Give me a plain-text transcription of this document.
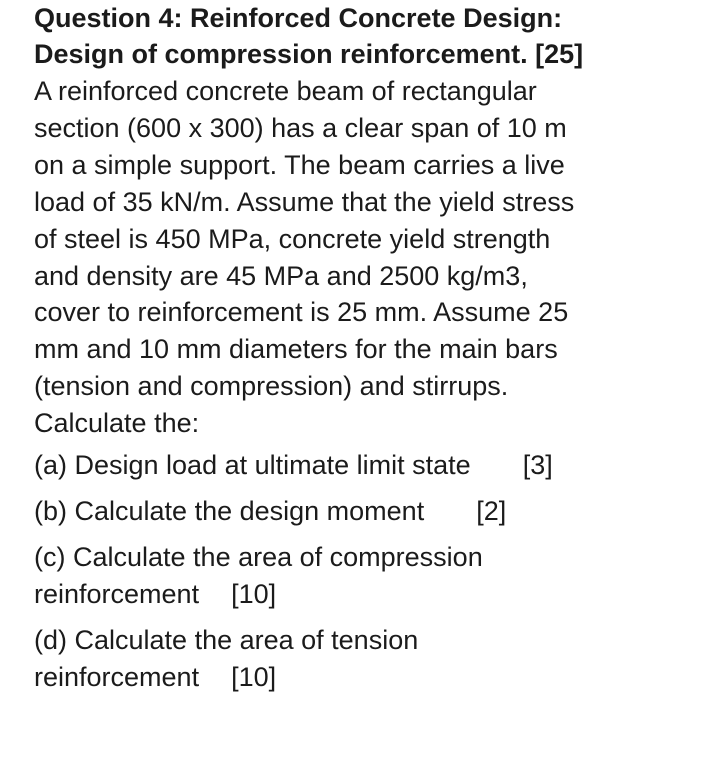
Question 4: Reinforced Concrete Design:
Design of compression reinforcement. [25]
A reinforced concrete beam of rectangular
section (600 x 300) has a clear span of 10 m
on a simple support. The beam carries a live
load of 35 kN/m. Assume that the yield stress
of steel is 450 MPa, concrete yield strength
and density are 45 MPa and 2500 kg/m3,
cover to reinforcement is 25 mm. Assume 25
mm and 10 mm diameters for the main bars
(tension and compression) and stirrups.
Calculate the:
(a) Design load at ultimate limit state [3]
(b) Calculate the design moment [2]
(c) Calculate the area of compression
reinforcement [10]
(d) Calculate the area of tension
reinforcement [10]
